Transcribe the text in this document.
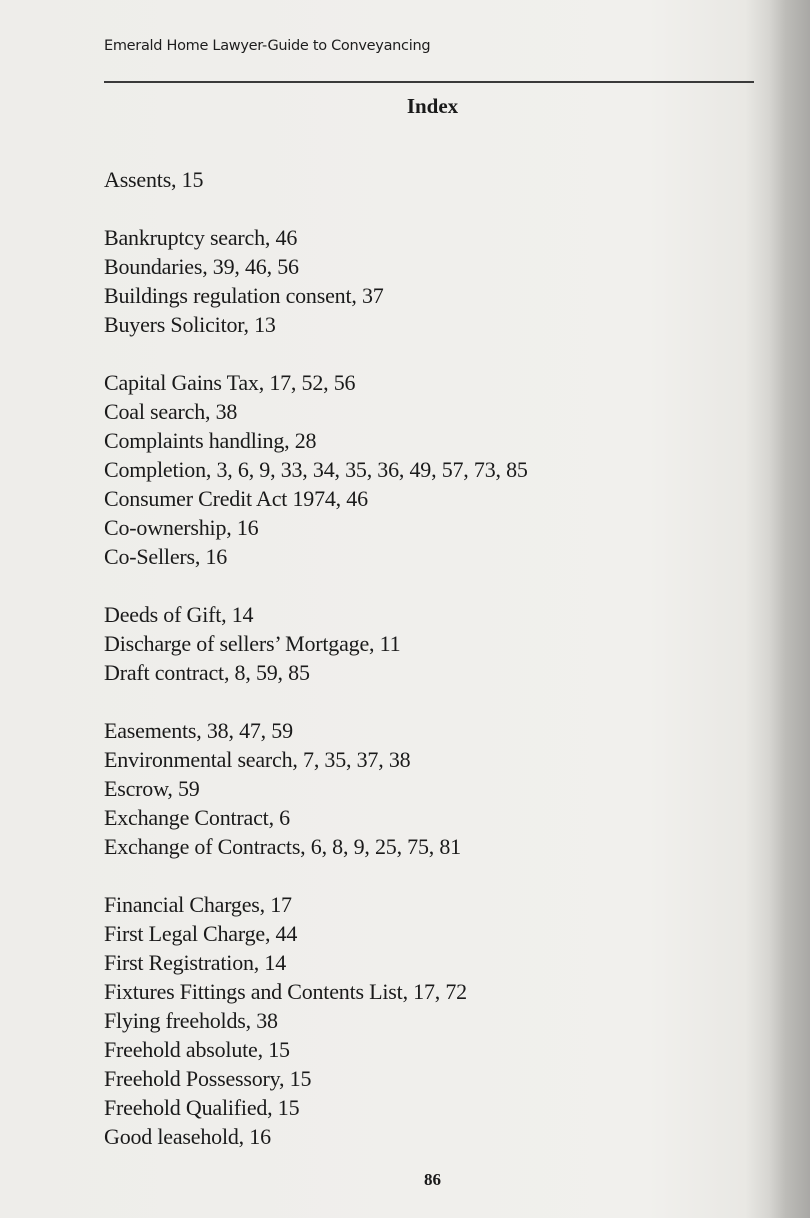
Emerald Home Lawyer-Guide to Conveyancing
Index
Assents, 15
Bankruptcy search, 46
Boundaries, 39, 46, 56
Buildings regulation consent, 37
Buyers Solicitor, 13
Capital Gains Tax, 17, 52, 56
Coal search, 38
Complaints handling, 28
Completion, 3, 6, 9, 33, 34, 35, 36, 49, 57, 73, 85
Consumer Credit Act 1974, 46
Co-ownership, 16
Co-Sellers, 16
Deeds of Gift, 14
Discharge of sellers’ Mortgage, 11
Draft contract, 8, 59, 85
Easements, 38, 47, 59
Environmental search, 7, 35, 37, 38
Escrow, 59
Exchange Contract, 6
Exchange of Contracts, 6, 8, 9, 25, 75, 81
Financial Charges, 17
First Legal Charge, 44
First Registration, 14
Fixtures Fittings and Contents List, 17, 72
Flying freeholds, 38
Freehold absolute, 15
Freehold Possessory, 15
Freehold Qualified, 15
Good leasehold, 16
86
